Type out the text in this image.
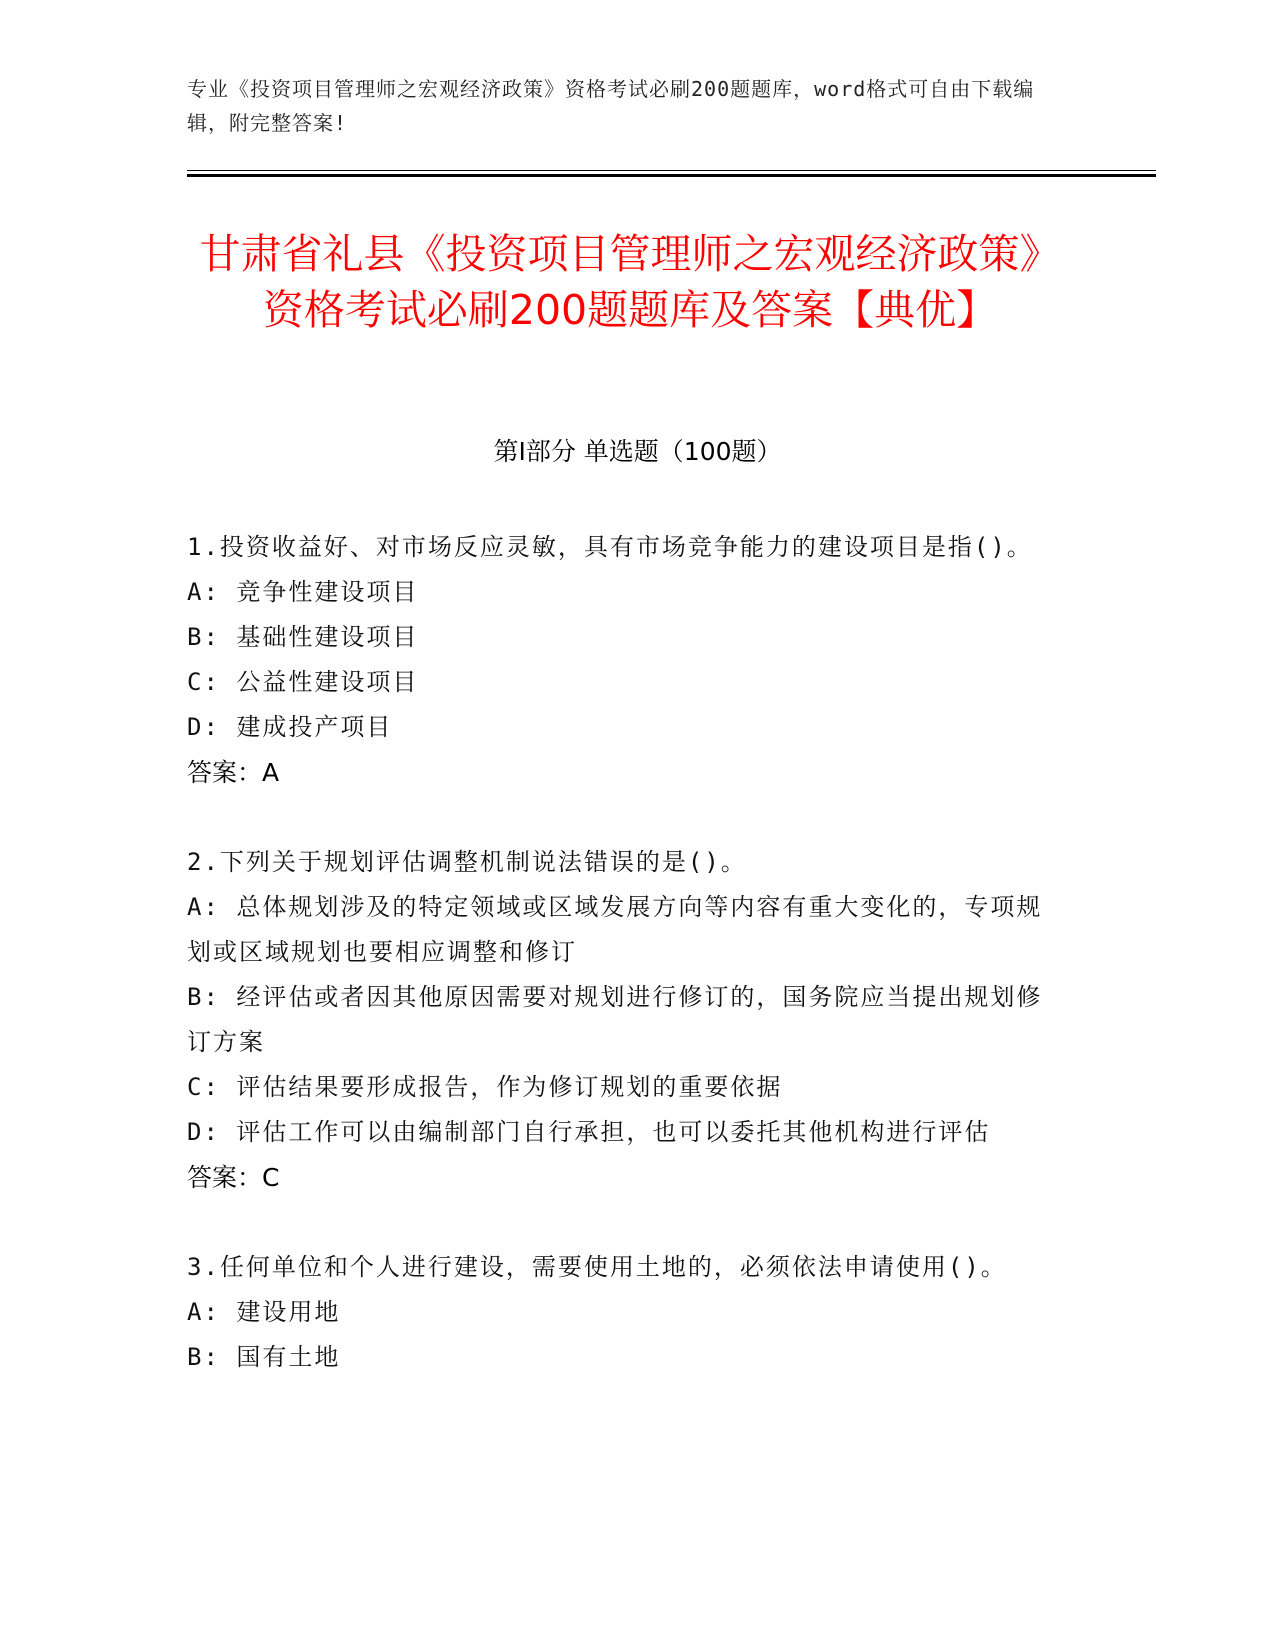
专业《投资项目管理师之宏观经济政策》资格考试必刷200题题库，word格式可自由下载编辑，附完整答案!
甘肃省礼县《投资项目管理师之宏观经济政策》资格考试必刷200题题库及答案【典优】
第I部分 单选题（100题）
1.投资收益好、对市场反应灵敏，具有市场竞争能力的建设项目是指()。
A: 竞争性建设项目
B: 基础性建设项目
C: 公益性建设项目
D: 建成投产项目
答案：A
2.下列关于规划评估调整机制说法错误的是()。
A: 总体规划涉及的特定领域或区域发展方向等内容有重大变化的，专项规划或区域规划也要相应调整和修订
B: 经评估或者因其他原因需要对规划进行修订的，国务院应当提出规划修订方案
C: 评估结果要形成报告，作为修订规划的重要依据
D: 评估工作可以由编制部门自行承担，也可以委托其他机构进行评估
答案：C
3.任何单位和个人进行建设，需要使用土地的，必须依法申请使用()。
A: 建设用地
B: 国有土地
